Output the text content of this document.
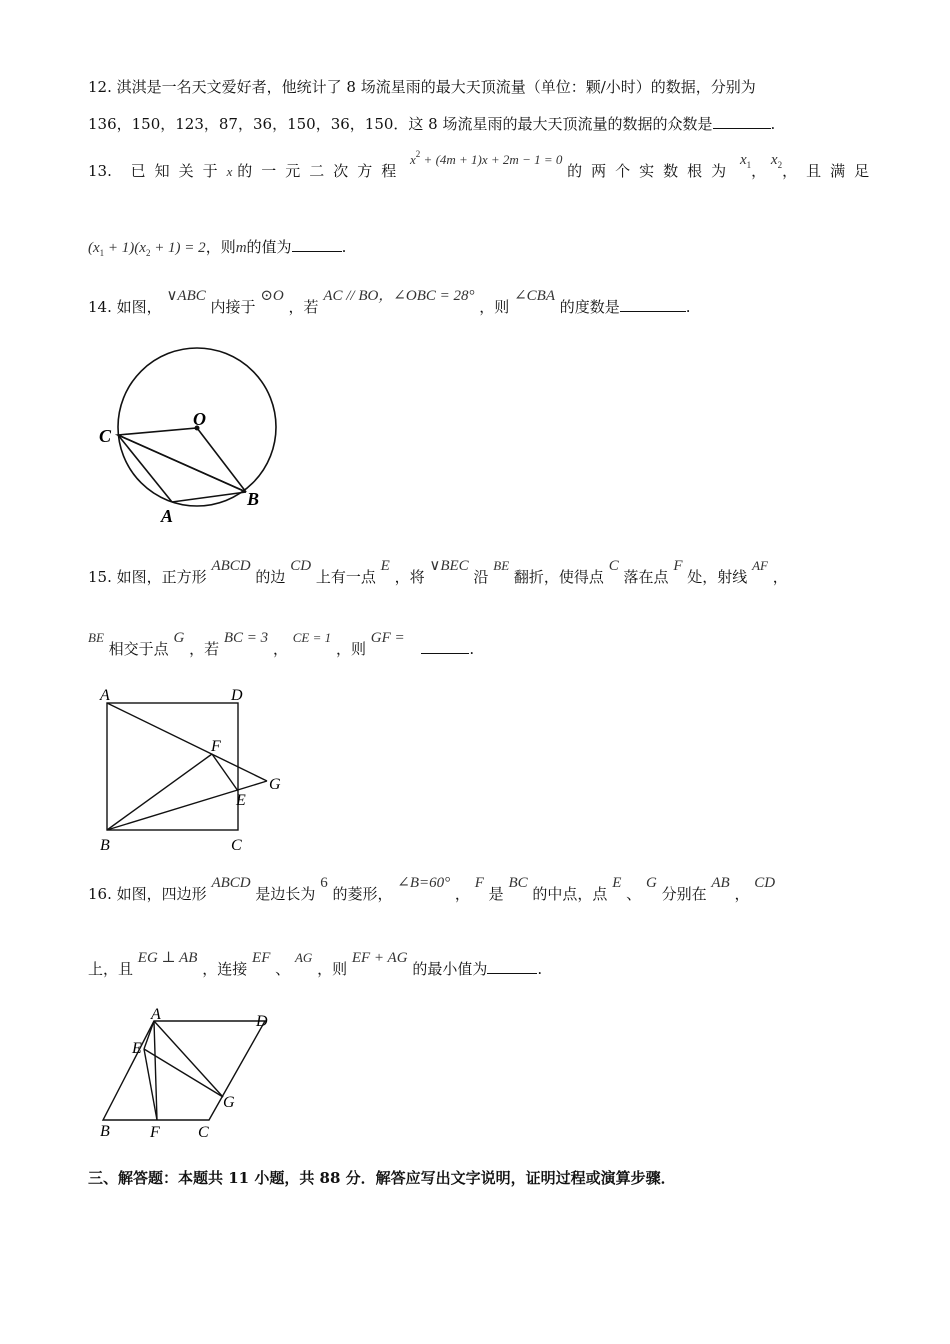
12. 淇淇是一名天文爱好者，他统计了 8 场流星雨的最大天顶流量（单位：颗/小时）的数据，分别为
136，150，123，87，36，150，36，150．这 8 场流星雨的最大天顶流量的数据的众数是	.
13. 已知关于x 的一元二次方程 $x^2 + (4m + 1)x + 2m - 1 = 0$ 的两个实数根为 $x_1$， $x_2$，且满足
$(x_1 + 1)(x_2 + 1) = 2$，则m的值为	.
14. 如图， ∨ABC 内接于 ⊙O ，若 AC // BO，∠OBC = 28° ，则 ∠CBA 的度数是	.
O
C
A
B
15. 如图，正方形 ABCD 的边 CD 上有一点 E ，将 ∨BEC 沿 BE 翻折，使得点 C 落在点 F 处，射线 AF ，
BE 相交于点 G ，若 BC = 3 ， CE = 1 ，则 GF = .
A	D
F
G
E
B	C
16. 如图，四边形 ABCD 是边长为 6 的菱形， ∠B=60° ， F 是 BC 的中点，点 E 、 G 分别在 AB ， CD
上，且 EG ⊥ AB ，连接 EF 、 AG ，则 EF + AG 的最小值为	.
A	D
E
G
B	F C
三、解答题：本题共 11 小题，共 88 分．解答应写出文字说明，证明过程或演算步骤．
